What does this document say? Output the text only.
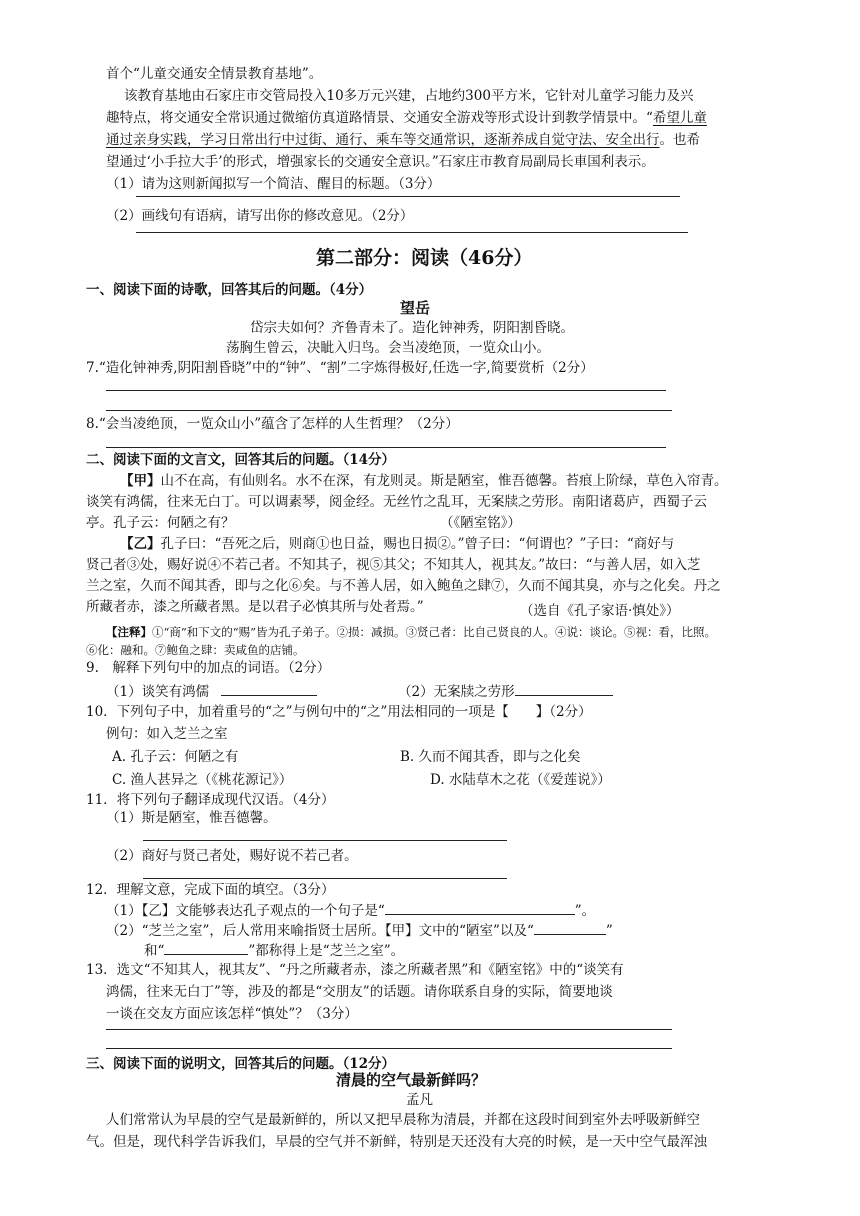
首个“儿童交通安全情景教育基地”。
该教育基地由石家庄市交管局投入10多万元兴建，占地约300平方米，它针对儿童学习能力及兴
趣特点，将交通安全常识通过微缩仿真道路情景、交通安全游戏等形式设计到教学情景中。“希望儿童
通过亲身实践，学习日常出行中过街、通行、乘车等交通常识，逐渐养成自觉守法、安全出行。也希
望通过‘小手拉大手’的形式，增强家长的交通安全意识。”石家庄市教育局副局长車国利表示。
（1）请为这则新闻拟写一个简洁、醒目的标题。（3分）
（2）画线句有语病，请写出你的修改意见。（2分）
第二部分：阅读（46分）
一、阅读下面的诗歌，回答其后的问题。（4分）
望岳
岱宗夫如何？齐鲁青未了。造化钟神秀，阴阳割昏晓。
荡胸生曾云，决眦入归鸟。会当凌绝顶，一览众山小。
7.“造化钟神秀,阴阳割昏晓”中的“钟”、“割”二字炼得极好,任选一字,简要赏析（2分）
8.“会当凌绝顶，一览众山小”蕴含了怎样的人生哲理？（2分）
二、阅读下面的文言文，回答其后的问题。（14分）
【甲】山不在高，有仙则名。水不在深，有龙则灵。斯是陋室，惟吾德馨。苔痕上阶绿，草色入帘青。
谈笑有鸿儒，往来无白丁。可以调素琴，阅金经。无丝竹之乱耳，无案牍之劳形。南阳诸葛庐，西蜀子云
亭。孔子云：何陋之有？	（《陋室铭》）
【乙】孔子曰：“吾死之后，则商①也日益，赐也日损②。”曾子曰：“何谓也？”子曰：“商好与
贤己者③处，赐好说④不若己者。不知其子，视⑤其父；不知其人，视其友。”故曰：“与善人居，如入芝
兰之室，久而不闻其香，即与之化⑥矣。与不善人居，如入鲍鱼之肆⑦，久而不闻其臭，亦与之化矣。丹之
所藏者赤，漆之所藏者黑。是以君子必慎其所与处者焉。”	（选自《孔子家语·慎处》）
【注释】①“商”和下文的“赐”皆为孔子弟子。②损：减损。③贤己者：比自己贤良的人。④说：谈论。⑤视：看，比照。
⑥化：融和。⑦鲍鱼之肆：卖咸鱼的店铺。
9.　解释下列句中的加点的词语。（2分）
（1）谈笑有鸿儒	（2）无案牍之劳形
10．下列句子中，加着重号的“之”与例句中的“之”用法相同的一项是【　　】（2分）
例句：如入芝兰之室
A. 孔子云：何陋之有	B. 久而不闻其香，即与之化矣
C. 渔人甚异之（《桃花源记》）	D. 水陆草木之花（《爱莲说》）
11．将下列句子翻译成现代汉语。（4分）
（1）斯是陋室，惟吾德馨。
（2）商好与贤己者处，赐好说不若己者。
12．理解文意，完成下面的填空。（3分）
（1）【乙】文能够表达孔子观点的一个句子是“	”。
（2）“芝兰之室”，后人常用来喻指贤士居所。【甲】文中的“陋室”以及“	”
和“	”都称得上是“芝兰之室”。
13．选文“不知其人，视其友”、“丹之所藏者赤，漆之所藏者黑”和《陋室铭》中的“谈笑有
鸿儒，往来无白丁”等，涉及的都是“交朋友”的话题。请你联系自身的实际，简要地谈
一谈在交友方面应该怎样“慎处”？（3分）
三、阅读下面的说明文，回答其后的问题。（12分）
清晨的空气最新鲜吗？
孟凡
人们常常认为早晨的空气是最新鲜的，所以又把早晨称为清晨，并都在这段时间到室外去呼吸新鲜空
气。但是，现代科学告诉我们，早晨的空气并不新鲜，特别是天还没有大亮的时候，是一天中空气最浑浊
